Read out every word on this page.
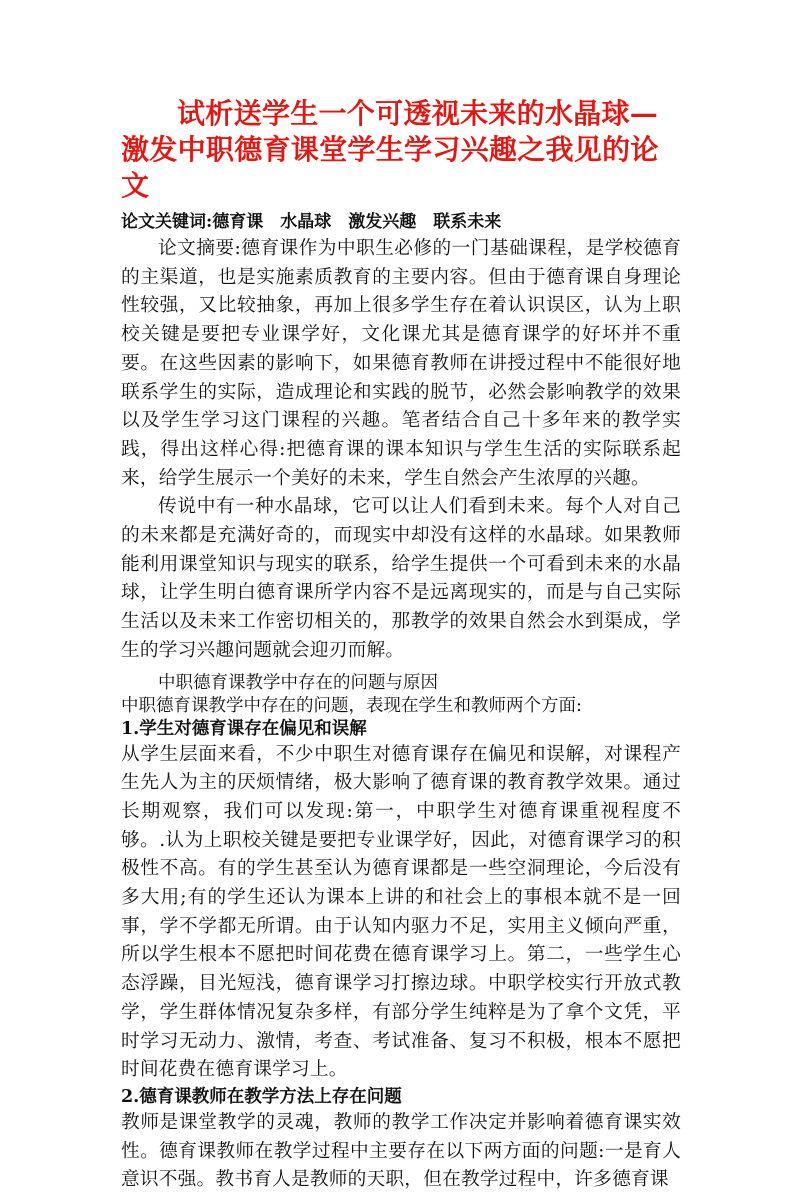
试析送学生一个可透视未来的水晶球—激发中职德育课堂学生学习兴趣之我见的论文

论文关键词:德育课　水晶球　激发兴趣　联系未来

论文摘要:德育课作为中职生必修的一门基础课程，是学校德育的主渠道，也是实施素质教育的主要内容。但由于德育课自身理论性较强，又比较抽象，再加上很多学生存在着认识误区，认为上职校关键是要把专业课学好，文化课尤其是德育课学的好坏并不重要。在这些因素的影响下，如果德育教师在讲授过程中不能很好地联系学生的实际，造成理论和实践的脱节，必然会影响教学的效果以及学生学习这门课程的兴趣。笔者结合自己十多年来的教学实践，得出这样心得:把德育课的课本知识与学生生活的实际联系起来，给学生展示一个美好的未来，学生自然会产生浓厚的兴趣。

传说中有一种水晶球，它可以让人们看到未来。每个人对自己的未来都是充满好奇的，而现实中却没有这样的水晶球。如果教师能利用课堂知识与现实的联系，给学生提供一个可看到未来的水晶球，让学生明白德育课所学内容不是远离现实的，而是与自己实际生活以及未来工作密切相关的，那教学的效果自然会水到渠成，学生的学习兴趣问题就会迎刃而解。

中职德育课教学中存在的问题与原因

中职德育课教学中存在的问题，表现在学生和教师两个方面:

1.学生对德育课存在偏见和误解

从学生层面来看，不少中职生对德育课存在偏见和误解，对课程产生先人为主的厌烦情绪，极大影响了德育课的教育教学效果。通过长期观察，我们可以发现:第一，中职学生对德育课重视程度不够。.认为上职校关键是要把专业课学好，因此，对德育课学习的积极性不高。有的学生甚至认为德育课都是一些空洞理论，今后没有多大用;有的学生还认为课本上讲的和社会上的事根本就不是一回事，学不学都无所谓。由于认知内驱力不足，实用主义倾向严重，所以学生根本不愿把时间花费在德育课学习上。第二，一些学生心态浮躁，目光短浅，德育课学习打擦边球。中职学校实行开放式教学，学生群体情况复杂多样，有部分学生纯粹是为了拿个文凭，平时学习无动力、激情，考查、考试准备、复习不积极，根本不愿把时间花费在德育课学习上。

2.德育课教师在教学方法上存在问题

教师是课堂教学的灵魂，教师的教学工作决定并影响着德育课实效性。德育课教师在教学过程中主要存在以下两方面的问题:一是育人意识不强。教书育人是教师的天职，但在教学过程中，许多德育课
